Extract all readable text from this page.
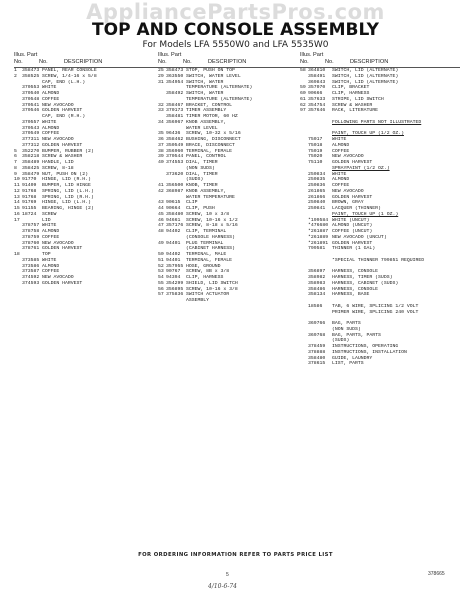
AppliancePartsPros.com
TOP AND CONSOLE ASSEMBLY
For Models LFA 5550W0 and LFA 5535W0
Illus. Part
No.	No.	DESCRIPTION
1	358473 PANEL, REAR CONSOLE
2	358525 SCREW, 1/4-16 x 5/8
CAP, END (L.H.)
370553 WHITE
370540 ALMOND
370548 COFFEE
370541 NEW AVOCADO
370546 GOLDEN HARVEST
CAP, END (R.H.)
370557 WHITE
370543 ALMOND
370549 COFFEE
377311 NEW AVOCADO
377312 GOLDEN HARVEST
5	352270 BUMPER, RUBBER (2)
6	358218 SCREW & WASHER
7	358489 HANDLE, LID
8	358425 SCREW, 8-18
9	358479 NUT, PUSH ON (2)
10 91770	HINGE, LID (R.H.)
11 91409	BUMPER, LID HINGE
12 91768	SPRING, LID (L.H.)
13 91768	SPRING, LID (R.H.)
14 91769	HINGE, LID (L.H.)
15 91155	BEARING, HINGE (2)
16 18724	SCREW
17	LID
378757 WHITE
378758 ALMOND
378759 COFFEE
378760 NEW AVOCADO
378761 GOLDEN HARVEST
18	TOP
373585 WHITE
373586 ALMOND
373587 COFFEE
374592 NEW AVOCADO
374593 GOLDEN HARVEST
Illus. Part
No.	No.	DESCRIPTION
25 358473 STOP, PUSH ON TOP
29 363550 SWITCH, WATER LEVEL
31 354954 SWITCH, WATER
TEMPERATURE (ALTERNATE)
358492 SWITCH, WATER
TEMPERATURE (ALTERNATE)
32 358467 BRACKET, CONTROL
33 370173 TIMER ASSEMBLY
358481 TIMER MOTOR, 60 HZ
34 356967 KNOB ASSEMBLY,
WATER LEVEL
35 96436	SCREW, 10-32 x 5/16
36 358462 BUSHING, DISCONNECT
37 350549 BRACE, DISCONNECT
38 356960 TERMINAL, FEMALE
39 370544 PANEL, CONTROL
40 374553 DIAL, TIMER
(NON SUDS)
373620 DIAL, TIMER
(SUDS)
41 356500 KNOB, TIMER
42 368987 KNOB ASSEMBLY,
WATER TEMPERATURE
43 90615	CLIP
44 90664	CLIP, PUSH
45 358480 SCREW, 10 x 3/8
46 94661	SCREW, 10-16 x 1/2
47 357176 SCREW, 8-18 x 5/16
48 94402	CLIP, TERMINAL
(CONSOLE HARNESS)
49 94401	PLUG TERMINAL
(CABINET HARNESS)
50 94402	TERMINAL, MALE
51 94401	TERMINAL, FEMALE
52 357955 HOSE, GROUND
53 90767	SCREW, 8B x 3/8
54 94394	CLIP, HARNESS
55 354299 SHIELD, LID SWITCH
56 356895 SCREW, 10-16 x 3/8
57 375836 SWITCH ACTUATOR
ASSEMBLY
Illus. Part
No.	No.	DESCRIPTION
58 364810	SWITCH, LID (ALTERNATE)
358491	SWITCH, LID (ALTERNATE)
369843	SWITCH, LID (ALTERNATE)
59 357070	CLIP, BRACKET
60 90666	CLIP, HARNESS
61 357633	STRIPE, LID SWITCH
62 354754	SCREW & WASHER
97 357646	RACK, LITERATURE
FOLLOWING PARTS NOT ILLUSTRATED
PAINT, TOUCH UP (1/2 OZ.)
75017	WHITE
75018	ALMOND
75019	COFFEE
75020	NEW AVOCADO
75110	GOLDEN HARVEST
SPRAYPAINT (1/2 OZ.)
250834	WHITE
250835	ALMOND
250836	COFFEE
261865	NEW AVOCADO
261866	GOLDEN HARVEST
250840	BROWN, GRAY
250841	LACQUER (THINNER)
PAINT, TOUCH UP (1 OZ.)
*199584 WHITE (UNCUT)
*476680 ALMOND (UNCUT)
*261887 COFFEE (UNCUT)
*261889 NEW AVOCADO (UNCUT)
*261891 GOLDEN HARVEST
799581	THINNER (1 GAL)
*SPECIAL THINNER 799851 REQUIRED
356897	HARNESS, CONSOLE
358982	HARNESS, TIMER (SUDS)
358983	HARNESS, CABINET (SUDS)
358486	HARNESS, CONSOLE
358134	HARNESS, BASE
18586	TAB, 6 WIRE, SPLICING 1/2 VOLT
PRIMER WIRE, SPLICING 240 VOLT
369766	BAG, PARTS
(NON SUDS)
369768	BAG, PARTS, PARTS
(SUDS)
378459	INSTRUCTIONS, OPERATING
378888	INSTRUCTIONS, INSTALLATION
358480	GUIDE, LAUNDRY
378615	LIST, PARTS
FOR ORDERING INFORMATION REFER TO PARTS PRICE LIST
5	378665
4/10-6-74
